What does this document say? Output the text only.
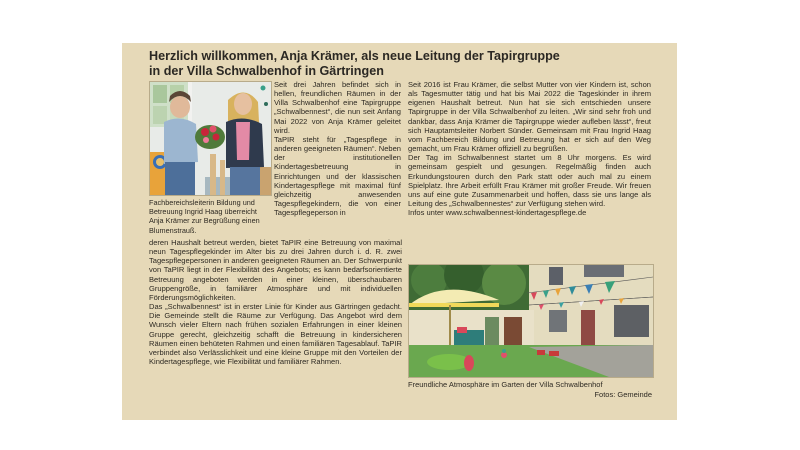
Herzlich willkommen, Anja Krämer, als neue Leitung der Tapirgruppe
in der Villa Schwalbenhof in Gärtringen
Fachbereichsleiterin Bildung und Betreuung Ingrid Haag überreicht Anja Krämer zur Begrüßung einen Blumenstrauß.

Seit drei Jahren befindet sich in hellen, freundlichen Räumen in der Villa Schwalbenhof eine Tapirgruppe „Schwalbennest“, die nun seit Anfang Mai 2022 von Anja Krämer geleitet wird.

TaPIR steht für „Tagespflege in anderen geeigneten Räumen“. Neben der institutionellen Kindertagesbetreuung in Einrichtungen und der klassischen Kindertagespflege mit maximal fünf gleichzeitig anwesenden Tagespflegekindern, die von einer Tagespflegeperson in

deren Haushalt betreut werden, bietet TaPIR eine Betreuung von maximal neun Tagespflegekinder im Alter bis zu drei Jahren durch i. d. R. zwei Tagespflegepersonen in anderen geeigneten Räumen an. Der Schwerpunkt von TaPIR liegt in der Flexibilität des Angebots; es kann bedarfsorientierte Betreuung angeboten werden in einer kleinen, überschaubaren Gruppengröße, in familiärer Atmosphäre und mit individuellen Förderungsmöglichkeiten.

Das „Schwalbennest“ ist in erster Linie für Kinder aus Gärtringen gedacht. Die Gemeinde stellt die Räume zur Verfügung. Das Angebot wird dem Wunsch vieler Eltern nach frühen sozialen Erfahrungen in einer kleinen Gruppe gerecht, gleichzeitig schafft die Betreuung in kindersicheren Räumen einen behüteten Rahmen und einen familiären Tagesablauf. TaPIR verbindet also Verlässlichkeit und eine kleine Gruppe mit den Vorteilen der Kindertagespflege, wie Flexibilität und familiärer Rahmen.

Seit 2016 ist Frau Krämer, die selbst Mutter von vier Kindern ist, schon als Tagesmutter tätig und hat bis Mai 2022 die Tageskinder in ihrem eigenen Haushalt betreut. Nun hat sie sich entschieden unsere Tapirgruppe in der Villa Schwalbenhof zu leiten. „Wir sind sehr froh und dankbar, dass Anja Krämer die Tapirgruppe wieder aufleben lässt“, freut sich Hauptamtsleiter Norbert Sünder. Gemeinsam mit Frau Ingrid Haag vom Fachbereich Bildung und Betreuung hat er sich auf den Weg gemacht, um Frau Krämer offiziell zu begrüßen.

Der Tag im Schwalbennest startet um 8 Uhr morgens. Es wird gemeinsam gespielt und gesungen. Regelmäßig finden auch Erkundungstouren durch den Park statt oder auch mal zu einem Spielplatz. Ihre Arbeit erfüllt Frau Krämer mit großer Freude. Wir freuen uns auf eine gute Zusammenarbeit und hoffen, dass sie uns lange als Leitung des „Schwalbennestes“ zur Verfügung stehen wird.

Infos unter www.schwalbennest-kindertagespflege.de

Freundliche Atmosphäre im Garten der Villa Schwalbenhof
Fotos: Gemeinde
